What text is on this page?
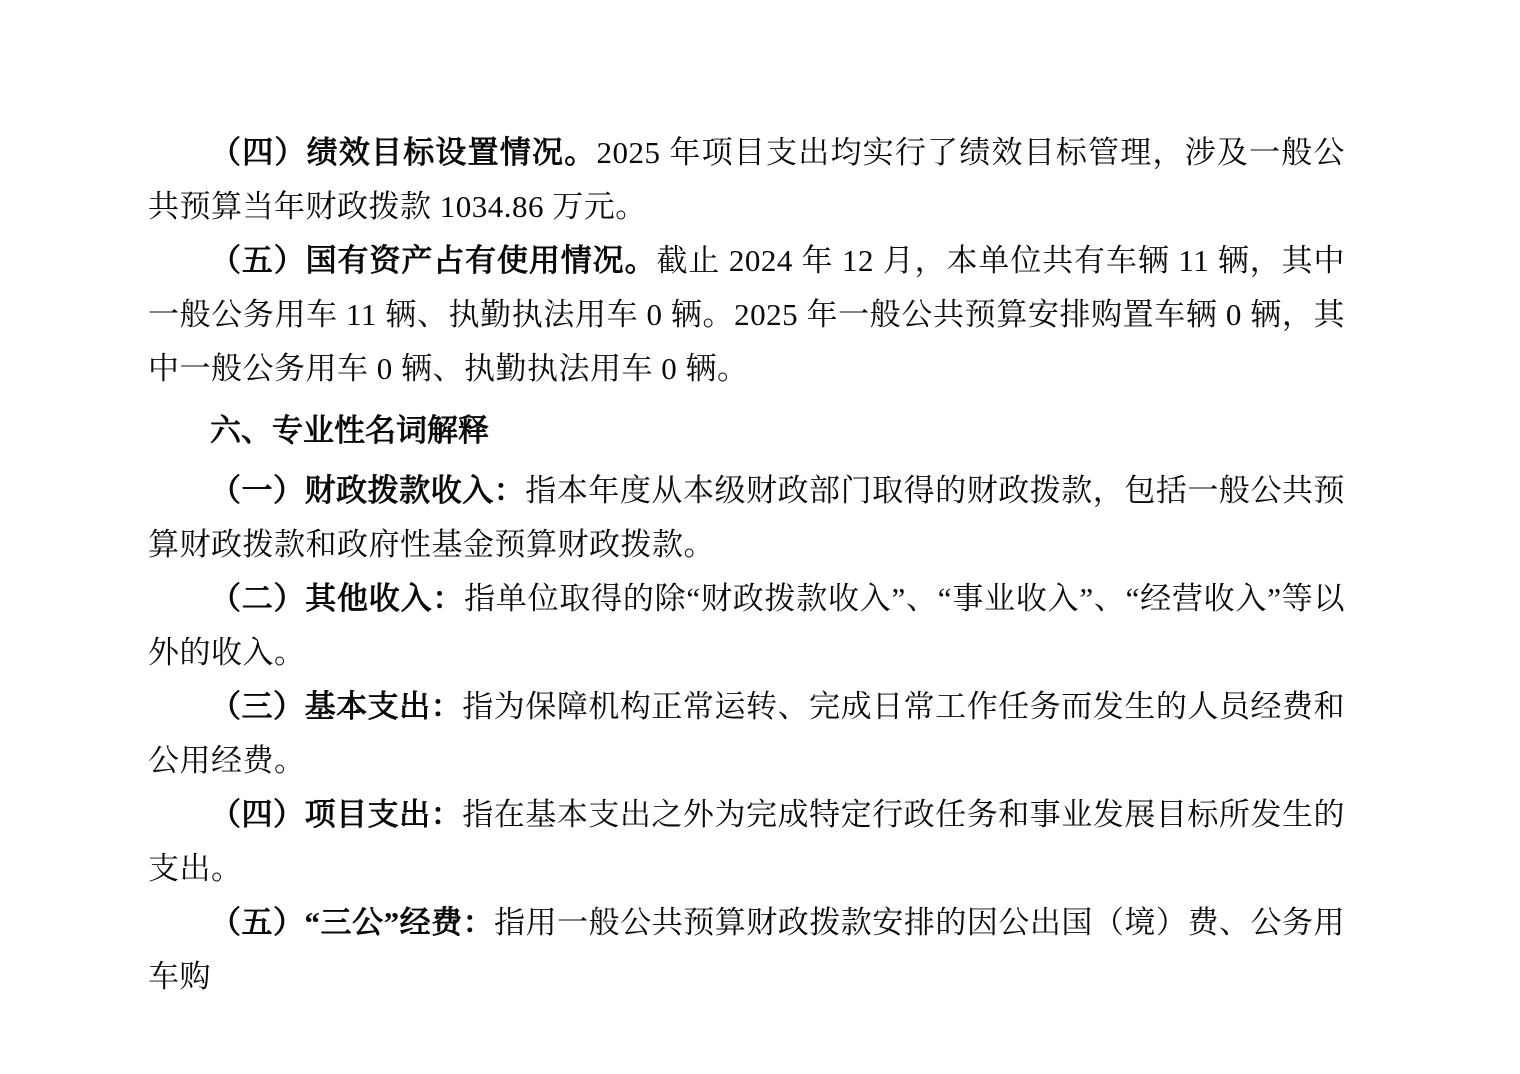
（四）绩效目标设置情况。2025 年项目支出均实行了绩效目标管理，涉及一般公共预算当年财政拨款 1034.86 万元。

（五）国有资产占有使用情况。截止 2024 年 12 月，本单位共有车辆 11 辆，其中一般公务用车 11 辆、执勤执法用车 0 辆。2025 年一般公共预算安排购置车辆 0 辆，其中一般公务用车 0 辆、执勤执法用车 0 辆。

六、专业性名词解释

（一）财政拨款收入：指本年度从本级财政部门取得的财政拨款，包括一般公共预算财政拨款和政府性基金预算财政拨款。

（二）其他收入：指单位取得的除“财政拨款收入”、“事业收入”、“经营收入”等以外的收入。

（三）基本支出：指为保障机构正常运转、完成日常工作任务而发生的人员经费和公用经费。

（四）项目支出：指在基本支出之外为完成特定行政任务和事业发展目标所发生的支出。

（五）“三公”经费：指用一般公共预算财政拨款安排的因公出国（境）费、公务用车购
